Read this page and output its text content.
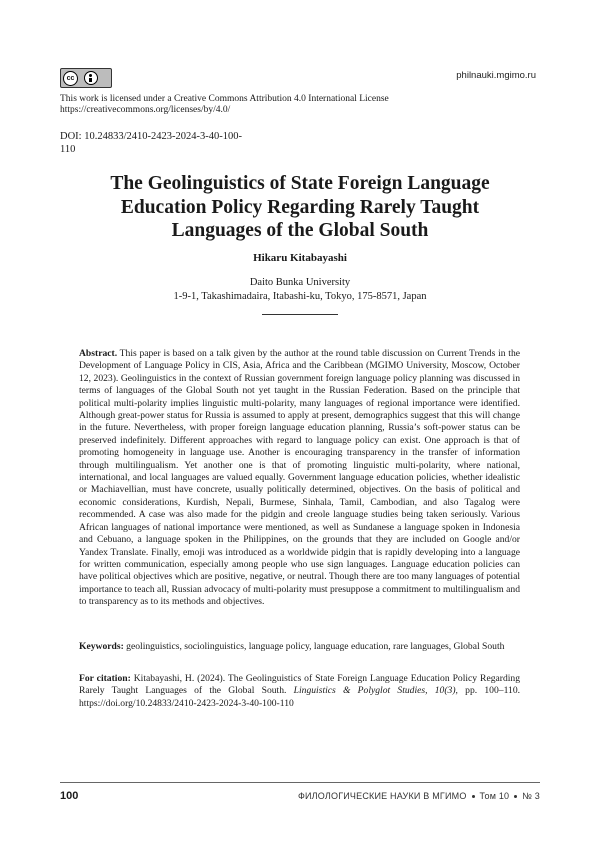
cc
This work is licensed under a Creative Commons Attribution 4.0 International License
https://creativecommons.org/licenses/by/4.0/
philnauki.mgimo.ru
DOI: 10.24833/2410-2423-2024-3-40-100-
110
The Geolinguistics of State Foreign Language
Education Policy Regarding Rarely Taught
Languages of the Global South
Hikaru Kitabayashi
Daito Bunka University
1-9-1, Takashimadaira, Itabashi-ku, Tokyo, 175-8571, Japan

Abstract. This paper is based on a talk given by the author at the round table discussion on Current Trends in the Development of Language Policy in CIS, Asia, Africa and the Caribbean (MGIMO University, Moscow, October 12, 2023). Geolinguistics in the context of Russian government foreign language policy planning was discussed in terms of languages of the Global South not yet taught in the Russian Federation. Based on the principle that political multi-polarity implies linguistic multi-polarity, many languages of regional importance were identified. Although great-power status for Russia is assumed to apply at present, demographics suggest that this will change in the future. Nevertheless, with proper foreign language education planning, Russia’s soft-power status can be preserved indefinitely. Different approaches with regard to language policy can exist. One approach is that of promoting homogeneity in language use. Another is encouraging transparency in the transfer of information through multilingualism. Yet another one is that of promoting linguistic multi-polarity, where national, international, and local languages are valued equally. Government language education policies, whether idealistic or Machiavellian, must have concrete, usually politically determined, objectives. On the basis of political and economic considerations, Kurdish, Nepali, Burmese, Sinhala, Tamil, Cambodian, and also Tagalog were recommended. A case was also made for the pidgin and creole language studies being taken seriously. Various African languages of national importance were mentioned, as well as Sundanese a language spoken in Indonesia and Cebuano, a language spoken in the Philippines, on the grounds that they are included on Google and/or Yandex Translate. Finally, emoji was introduced as a worldwide pidgin that is rapidly developing into a language for written communication, especially among people who use sign languages. Language education policies can have political objectives which are positive, negative, or neutral. Though there are too many languages of potential importance to teach all, Russian advocacy of multi-polarity must presuppose a commitment to multilingualism and to transparency as to its methods and objectives.

Keywords: geolinguistics, sociolinguistics, language policy, language education, rare languages, Global South

For citation: Kitabayashi, H. (2024). The Geolinguistics of State Foreign Language Education Policy Regarding Rarely Taught Languages of the Global South. Linguistics & Polyglot Studies, 10(3), pp. 100–110. https://doi.org/10.24833/2410-2423-2024-3-40-100-110

100	ФИЛОЛОГИЧЕСКИЕ НАУКИ В МГИМО Том 10 № 3
